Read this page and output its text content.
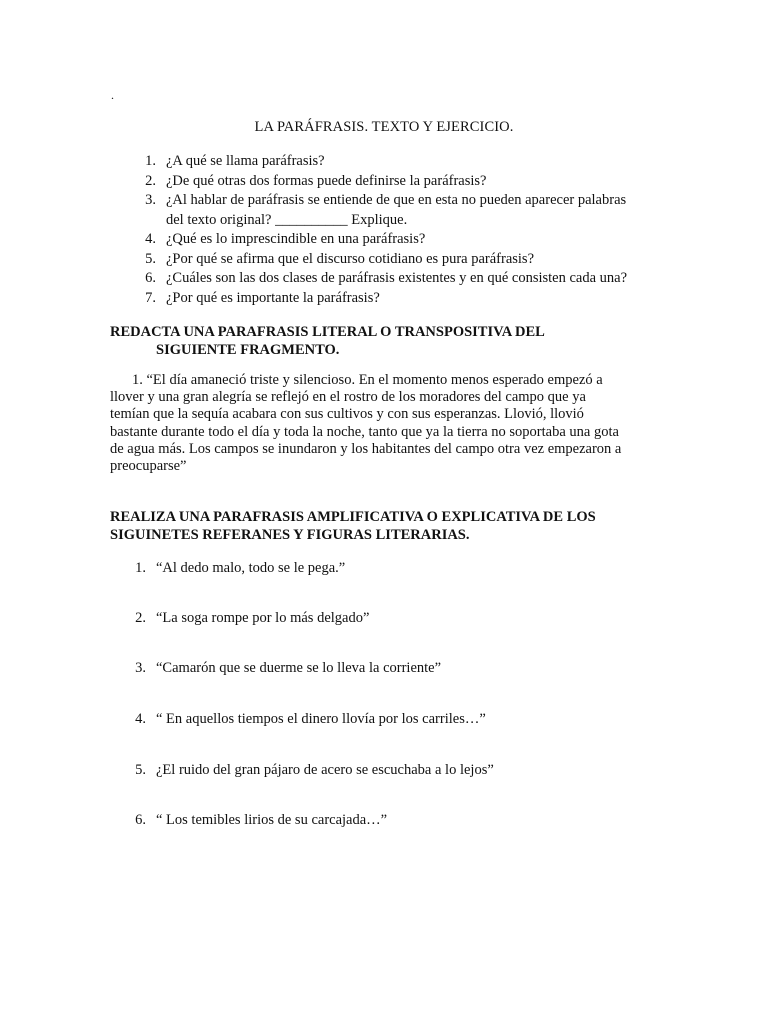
.
LA PARÁFRASIS. TEXTO Y EJERCICIO.
1. ¿A qué se llama paráfrasis?
2. ¿De qué otras dos formas puede definirse la paráfrasis?
3. ¿Al hablar de paráfrasis se entiende de que en esta no pueden aparecer palabras
del texto original? __________ Explique.
4. ¿Qué es lo imprescindible en una paráfrasis?
5. ¿Por qué se afirma que el discurso cotidiano es pura paráfrasis?
6. ¿Cuáles son las dos clases de paráfrasis existentes y en qué consisten cada una?
7. ¿Por qué es importante la paráfrasis?
REDACTA UNA PARAFRASIS LITERAL O TRANSPOSITIVA DEL
SIGUIENTE FRAGMENTO.
1. “El día amaneció triste y silencioso. En el momento menos esperado empezó a
llover y una gran alegría se reflejó en el rostro de los moradores del campo que ya
temían que la sequía acabara con sus cultivos y con sus esperanzas. Llovió, llovió
bastante durante todo el día y toda la noche, tanto que ya la tierra no soportaba una gota
de agua más. Los campos se inundaron y los habitantes del campo otra vez empezaron a
preocuparse”
REALIZA UNA PARAFRASIS AMPLIFICATIVA O EXPLICATIVA DE LOS
SIGUINETES REFERANES Y FIGURAS LITERARIAS.
1. “Al dedo malo, todo se le pega.”
2. “La soga rompe por lo más delgado”
3. “Camarón que se duerme se lo lleva la corriente”
4. “ En aquellos tiempos el dinero llovía por los carriles…”
5. ¿El ruido del gran pájaro de acero se escuchaba a lo lejos”
6. “ Los temibles lirios de su carcajada…”
